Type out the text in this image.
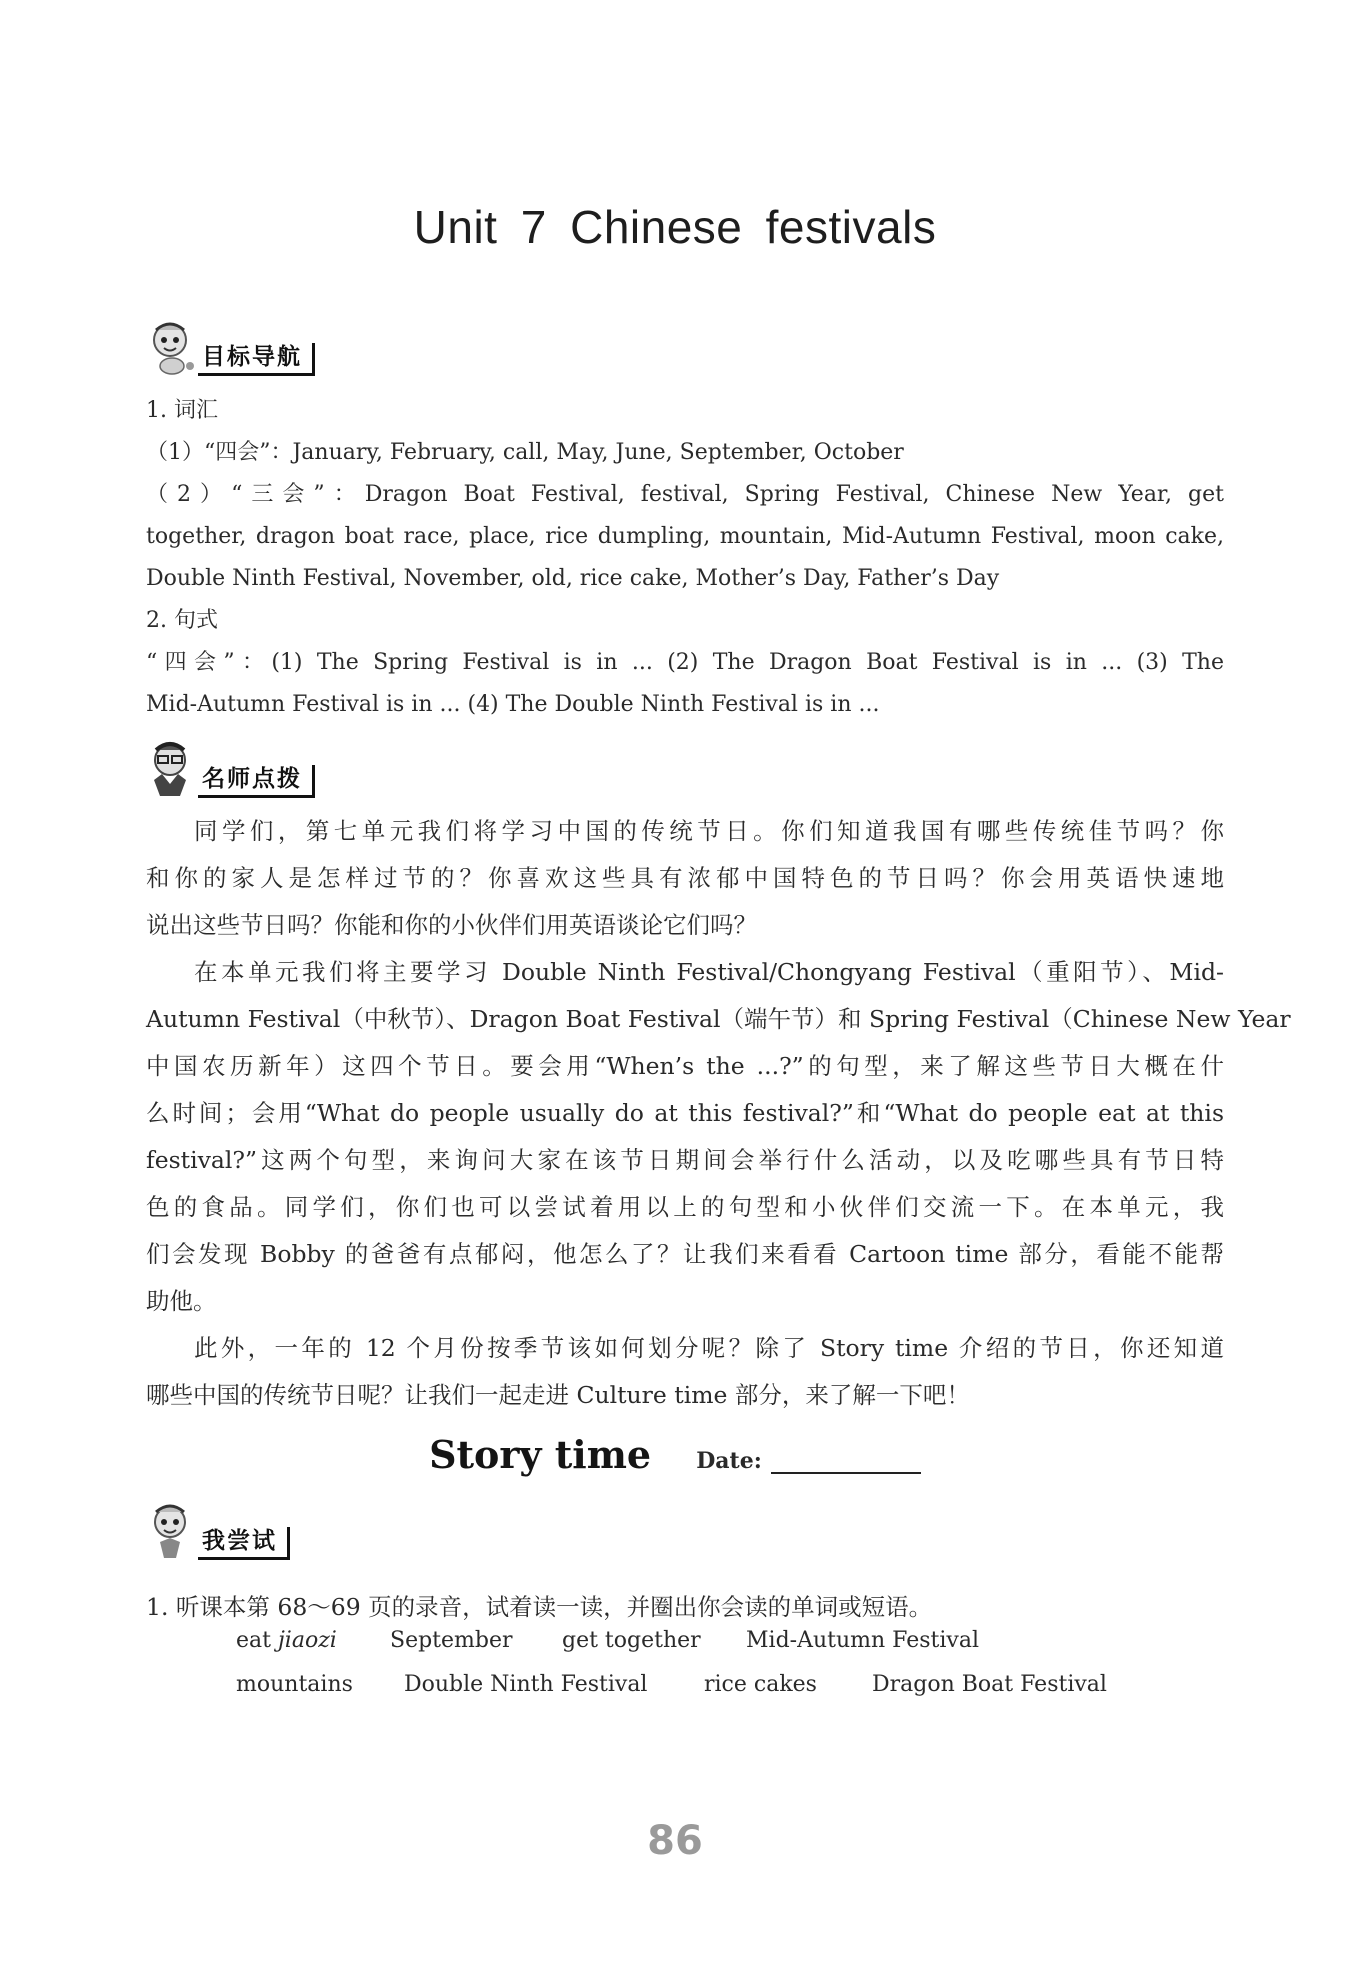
Unit 7 Chinese festivals
目标导航
1. 词汇
（1）“四会”：January, February, call, May, June, September, October
（2）“三会”：Dragon Boat Festival, festival, Spring Festival, Chinese New Year, get
together, dragon boat race, place, rice dumpling, mountain, Mid-Autumn Festival, moon cake,
Double Ninth Festival, November, old, rice cake, Mother’s Day, Father’s Day
2. 句式
“四会”：(1) The Spring Festival is in ... (2) The Dragon Boat Festival is in ... (3) The
Mid-Autumn Festival is in ... (4) The Double Ninth Festival is in ...
名师点拨
同学们，第七单元我们将学习中国的传统节日。你们知道我国有哪些传统佳节吗？你
和你的家人是怎样过节的？你喜欢这些具有浓郁中国特色的节日吗？你会用英语快速地
说出这些节日吗？你能和你的小伙伴们用英语谈论它们吗？
在本单元我们将主要学习 Double Ninth Festival/Chongyang Festival（重阳节）、Mid-
Autumn Festival（中秋节）、Dragon Boat Festival（端午节）和 Spring Festival（Chinese New Year
中国农历新年）这四个节日。要会用“When’s the ...?”的句型，来了解这些节日大概在什
么时间；会用“What do people usually do at this festival?”和“What do people eat at this
festival?”这两个句型，来询问大家在该节日期间会举行什么活动，以及吃哪些具有节日特
色的食品。同学们，你们也可以尝试着用以上的句型和小伙伴们交流一下。在本单元，我
们会发现 Bobby 的爸爸有点郁闷，他怎么了？让我们来看看 Cartoon time 部分，看能不能帮
助他。
此外，一年的 12 个月份按季节该如何划分呢？除了 Story time 介绍的节日，你还知道
哪些中国的传统节日呢？让我们一起走进 Culture time 部分，来了解一下吧！
Story time Date:
我尝试
1. 听课本第 68～69 页的录音，试着读一读，并圈出你会读的单词或短语。
eat jiaozi September get together Mid-Autumn Festival
mountains Double Ninth Festival	rice cakes	Dragon Boat Festival
86
